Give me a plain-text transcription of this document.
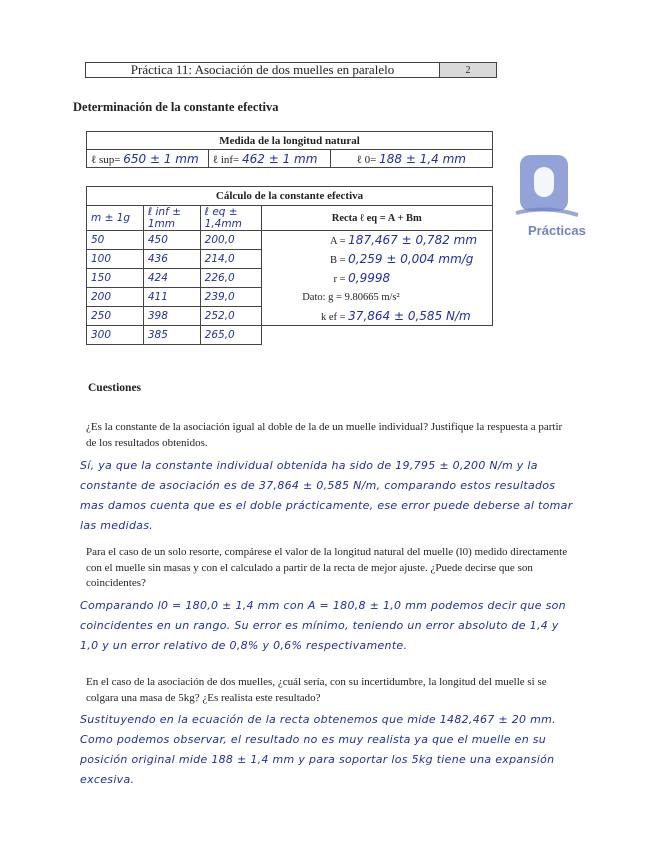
Práctica 11: Asociación de dos muelles en paralelo	2
Determinación de la constante efectiva
Medida de la longitud natural
ℓ sup= 650 ± 1 mm	ℓ inf= 462 ± 1 mm	ℓ 0= 188 ± 1,4 mm
Cálculo de la constante efectiva			
m ± 1g	ℓ inf ± 1mm	ℓ eq ± 1,4mm	Recta ℓ eq = A + Bm
50	450	200,0	A = 187,467 ± 0,782 mm
100	436	214,0	B = 0,259 ± 0,004 mm/g
150	424	226,0	r = 0,9998
200	411	239,0	Dato: g = 9.80665 m/s²
250	398	252,0	k ef = 37,864 ± 0,585 N/m
300	385	265,0	
Prácticas
Cuestiones
¿Es la constante de la asociación igual al doble de la de un muelle individual? Justifique la respuesta a partir de los resultados obtenidos.
Sí, ya que la constante individual obtenida ha sido de 19,795 ± 0,200 N/m y la constante de asociación es de 37,864 ± 0,585 N/m, comparando estos resultados mas damos cuenta que es el doble prácticamente, ese error puede deberse al tomar las medidas.
Para el caso de un solo resorte, compárese el valor de la longitud natural del muelle (l0) medido directamente con el muelle sin masas y con el calculado a partir de la recta de mejor ajuste. ¿Puede decirse que son coincidentes?
Comparando l0 = 180,0 ± 1,4 mm con A = 180,8 ± 1,0 mm podemos decir que son coincidentes en un rango. Su error es mínimo, teniendo un error absoluto de 1,4 y 1,0 y un error relativo de 0,8% y 0,6% respectivamente.
En el caso de la asociación de dos muelles, ¿cuál sería, con su incertidumbre, la longitud del muelle si se colgara una masa de 5kg? ¿Es realista este resultado?
Sustituyendo en la ecuación de la recta obtenemos que mide 1482,467 ± 20 mm. Como podemos observar, el resultado no es muy realista ya que el muelle en su posición original mide 188 ± 1,4 mm y para soportar los 5kg tiene una expansión excesiva.
